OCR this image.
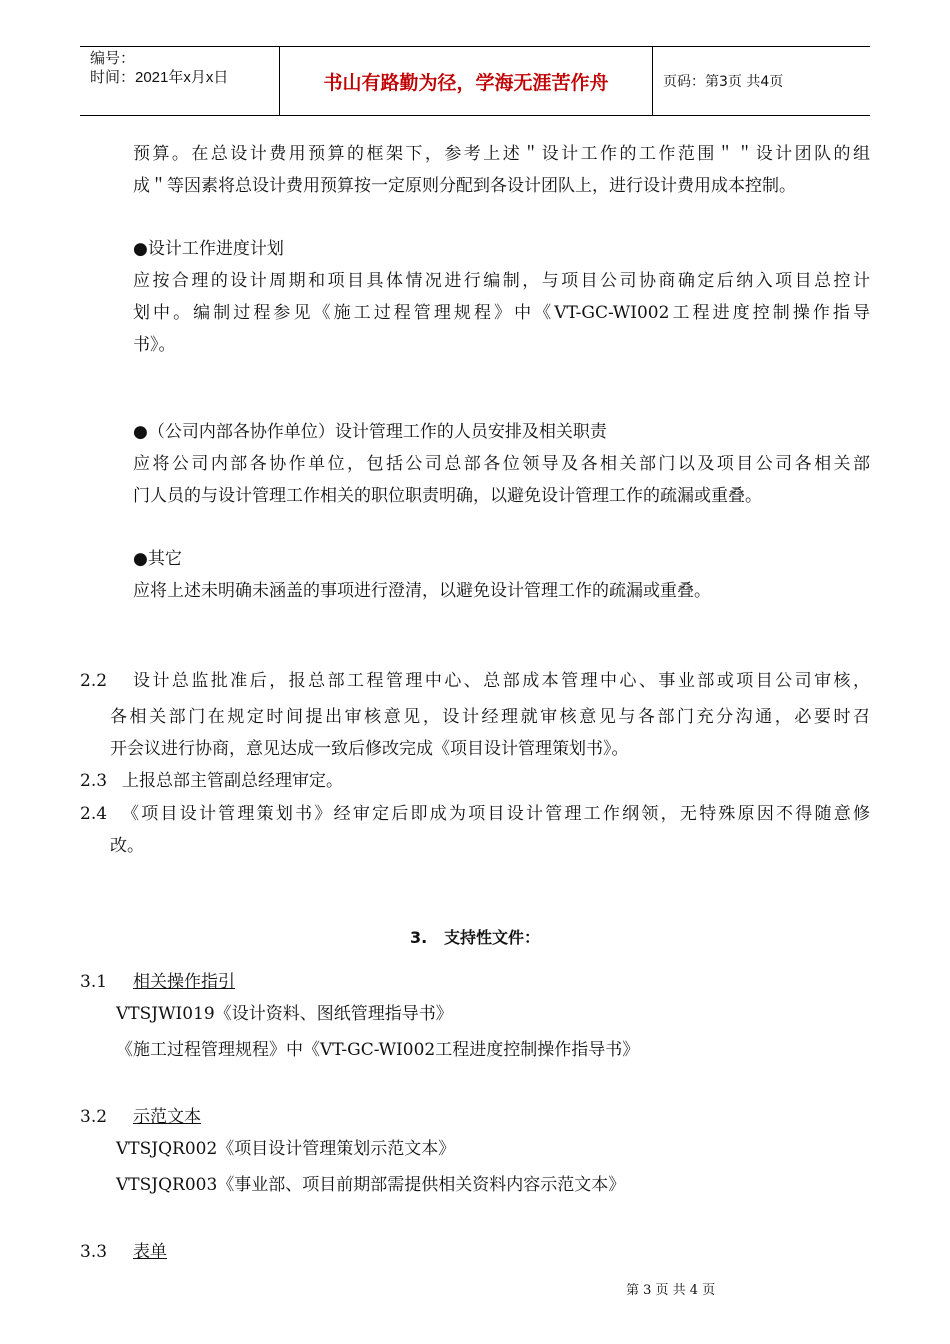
编号：
时间：2021年x月x日	书山有路勤为径，学海无涯苦作舟	页码：第3页 共4页
预算。在总设计费用预算的框架下，参考上述＂设计工作的工作范围＂＂设计团队的组
成＂等因素将总设计费用预算按一定原则分配到各设计团队上，进行设计费用成本控制。
●设计工作进度计划
应按合理的设计周期和项目具体情况进行编制，与项目公司协商确定后纳入项目总控计
划中。编制过程参见《施工过程管理规程》中《VT-GC-WI002工程进度控制操作指导
书》。
●（公司内部各协作单位）设计管理工作的人员安排及相关职责
应将公司内部各协作单位，包括公司总部各位领导及各相关部门以及项目公司各相关部
门人员的与设计管理工作相关的职位职责明确，以避免设计管理工作的疏漏或重叠。
●其它
应将上述未明确未涵盖的事项进行澄清，以避免设计管理工作的疏漏或重叠。
2.2 设计总监批准后，报总部工程管理中心、总部成本管理中心、事业部或项目公司审核，
各相关部门在规定时间提出审核意见，设计经理就审核意见与各部门充分沟通，必要时召
开会议进行协商，意见达成一致后修改完成《项目设计管理策划书》。
2.3 上报总部主管副总经理审定。
2.4 《项目设计管理策划书》经审定后即成为项目设计管理工作纲领，无特殊原因不得随意修
改。
3.   支持性文件：
3.1 相关操作指引
VTSJWI019《设计资料、图纸管理指导书》
《施工过程管理规程》中《VT-GC-WI002工程进度控制操作指导书》
3.2 示范文本
VTSJQR002《项目设计管理策划示范文本》
VTSJQR003《事业部、项目前期部需提供相关资料内容示范文本》
3.3 表单
第 3 页 共 4 页
